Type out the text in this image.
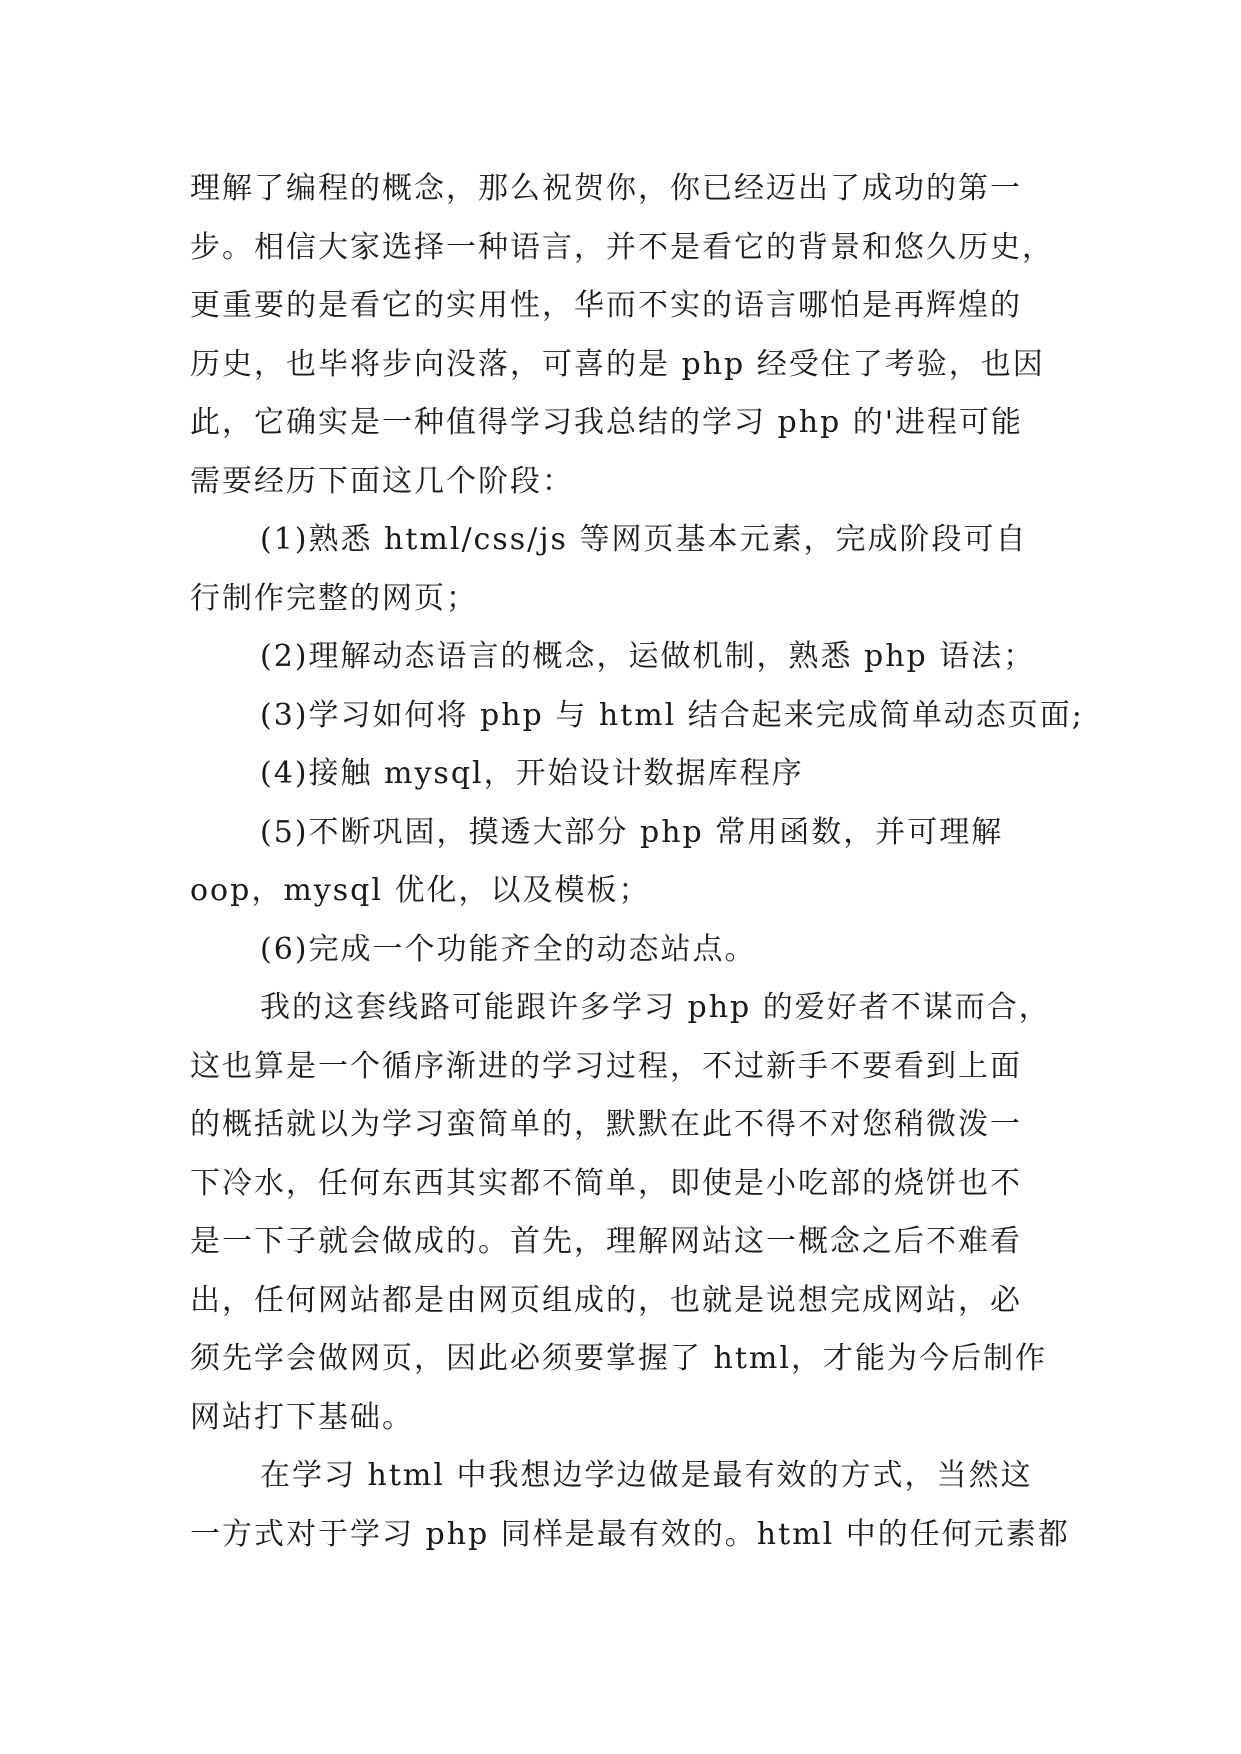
理解了编程的概念，那么祝贺你，你已经迈出了成功的第一
步。相信大家选择一种语言，并不是看它的背景和悠久历史，
更重要的是看它的实用性，华而不实的语言哪怕是再辉煌的
历史，也毕将步向没落，可喜的是 php 经受住了考验，也因
此，它确实是一种值得学习我总结的学习 php 的'进程可能
需要经历下面这几个阶段：
(1)熟悉 html/css/js 等网页基本元素，完成阶段可自
行制作完整的网页；
(2)理解动态语言的概念，运做机制，熟悉 php 语法；
(3)学习如何将 php 与 html 结合起来完成简单动态页面;
(4)接触 mysql，开始设计数据库程序
(5)不断巩固，摸透大部分 php 常用函数，并可理解
oop，mysql 优化，以及模板；
(6)完成一个功能齐全的动态站点。
我的这套线路可能跟许多学习 php 的爱好者不谋而合，
这也算是一个循序渐进的学习过程，不过新手不要看到上面
的概括就以为学习蛮简单的，默默在此不得不对您稍微泼一
下冷水，任何东西其实都不简单，即使是小吃部的烧饼也不
是一下子就会做成的。首先，理解网站这一概念之后不难看
出，任何网站都是由网页组成的，也就是说想完成网站，必
须先学会做网页，因此必须要掌握了 html，才能为今后制作
网站打下基础。
在学习 html 中我想边学边做是最有效的方式，当然这
一方式对于学习 php 同样是最有效的。html 中的任何元素都
